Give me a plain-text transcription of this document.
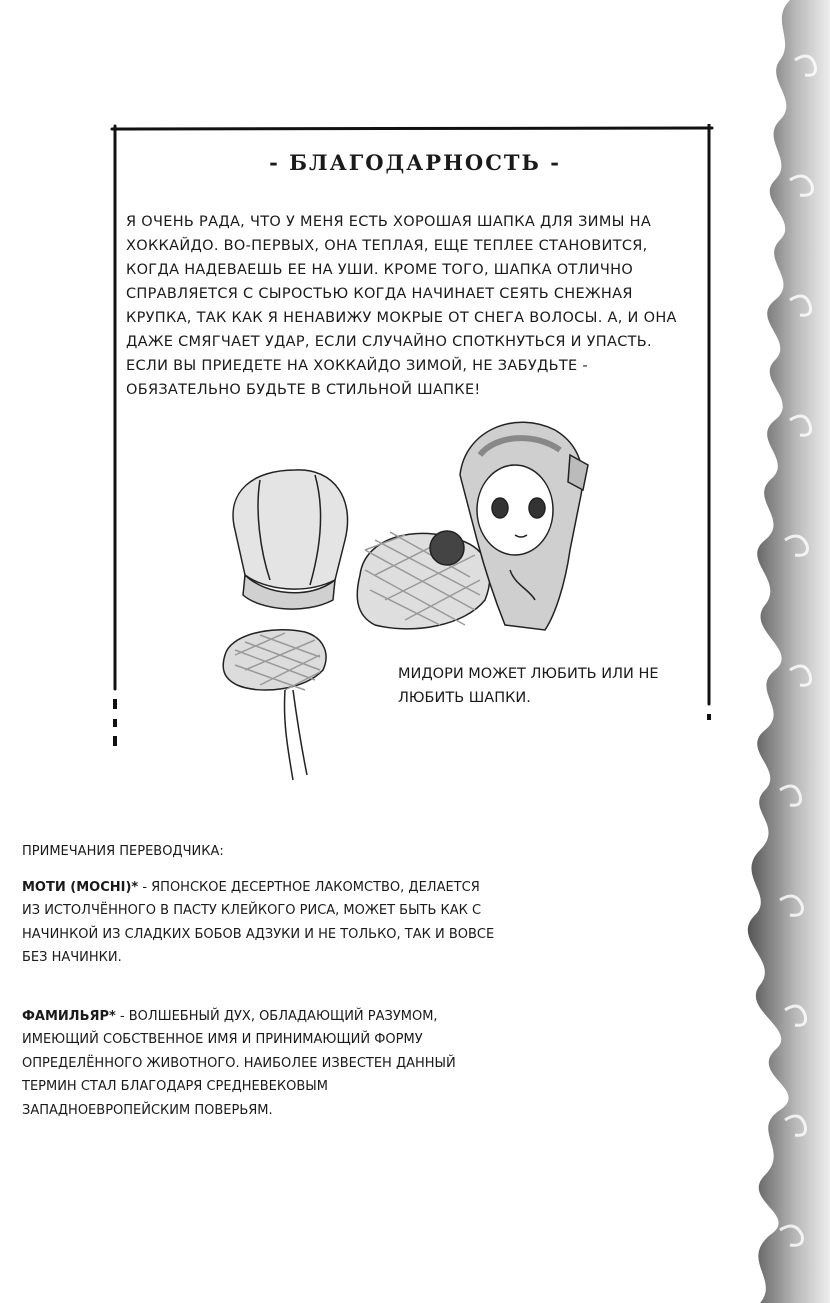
- БЛАГОДАРНОСТЬ -

Я ОЧЕНЬ РАДА, ЧТО У МЕНЯ ЕСТЬ ХОРОШАЯ ШАПКА ДЛЯ ЗИМЫ НА

ХОККАЙДО. ВО-ПЕРВЫХ, ОНА ТЕПЛАЯ, ЕЩЕ ТЕПЛЕЕ СТАНОВИТСЯ,

КОГДА НАДЕВАЕШЬ ЕЕ НА УШИ. КРОМЕ ТОГО, ШАПКА ОТЛИЧНО

СПРАВЛЯЕТСЯ С СЫРОСТЬЮ КОГДА НАЧИНАЕТ СЕЯТЬ СНЕЖНАЯ

КРУПКА, ТАК КАК Я НЕНАВИЖУ МОКРЫЕ ОТ СНЕГА ВОЛОСЫ. А, И ОНА

ДАЖЕ СМЯГЧАЕТ УДАР, ЕСЛИ СЛУЧАЙНО СПОТКНУТЬСЯ И УПАСТЬ.

ЕСЛИ ВЫ ПРИЕДЕТЕ НА ХОККАЙДО ЗИМОЙ, НЕ ЗАБУДЬТЕ -

ОБЯЗАТЕЛЬНО БУДЬТЕ В СТИЛЬНОЙ ШАПКЕ!

МИДОРИ МОЖЕТ ЛЮБИТЬ ИЛИ НЕ
ЛЮБИТЬ ШАПКИ.

ПРИМЕЧАНИЯ ПЕРЕВОДЧИКА:

МОТИ (MOCHI)* - ЯПОНСКОЕ ДЕСЕРТНОЕ ЛАКОМСТВО, ДЕЛАЕТСЯ
ИЗ ИСТОЛЧЁННОГО В ПАСТУ КЛЕЙКОГО РИСА, МОЖЕТ БЫТЬ КАК С
НАЧИНКОЙ ИЗ СЛАДКИХ БОБОВ АДЗУКИ И НЕ ТОЛЬКО, ТАК И ВОВСЕ
БЕЗ НАЧИНКИ.
ФАМИЛЬЯР* - ВОЛШЕБНЫЙ ДУХ, ОБЛАДАЮЩИЙ РАЗУМОМ,
ИМЕЮЩИЙ СОБСТВЕННОЕ ИМЯ И ПРИНИМАЮЩИЙ ФОРМУ
ОПРЕДЕЛЁННОГО ЖИВОТНОГО. НАИБОЛЕЕ ИЗВЕСТЕН ДАННЫЙ
ТЕРМИН СТАЛ БЛАГОДАРЯ СРЕДНЕВЕКОВЫМ
ЗАПАДНОЕВРОПЕЙСКИМ ПОВЕРЬЯМ.
